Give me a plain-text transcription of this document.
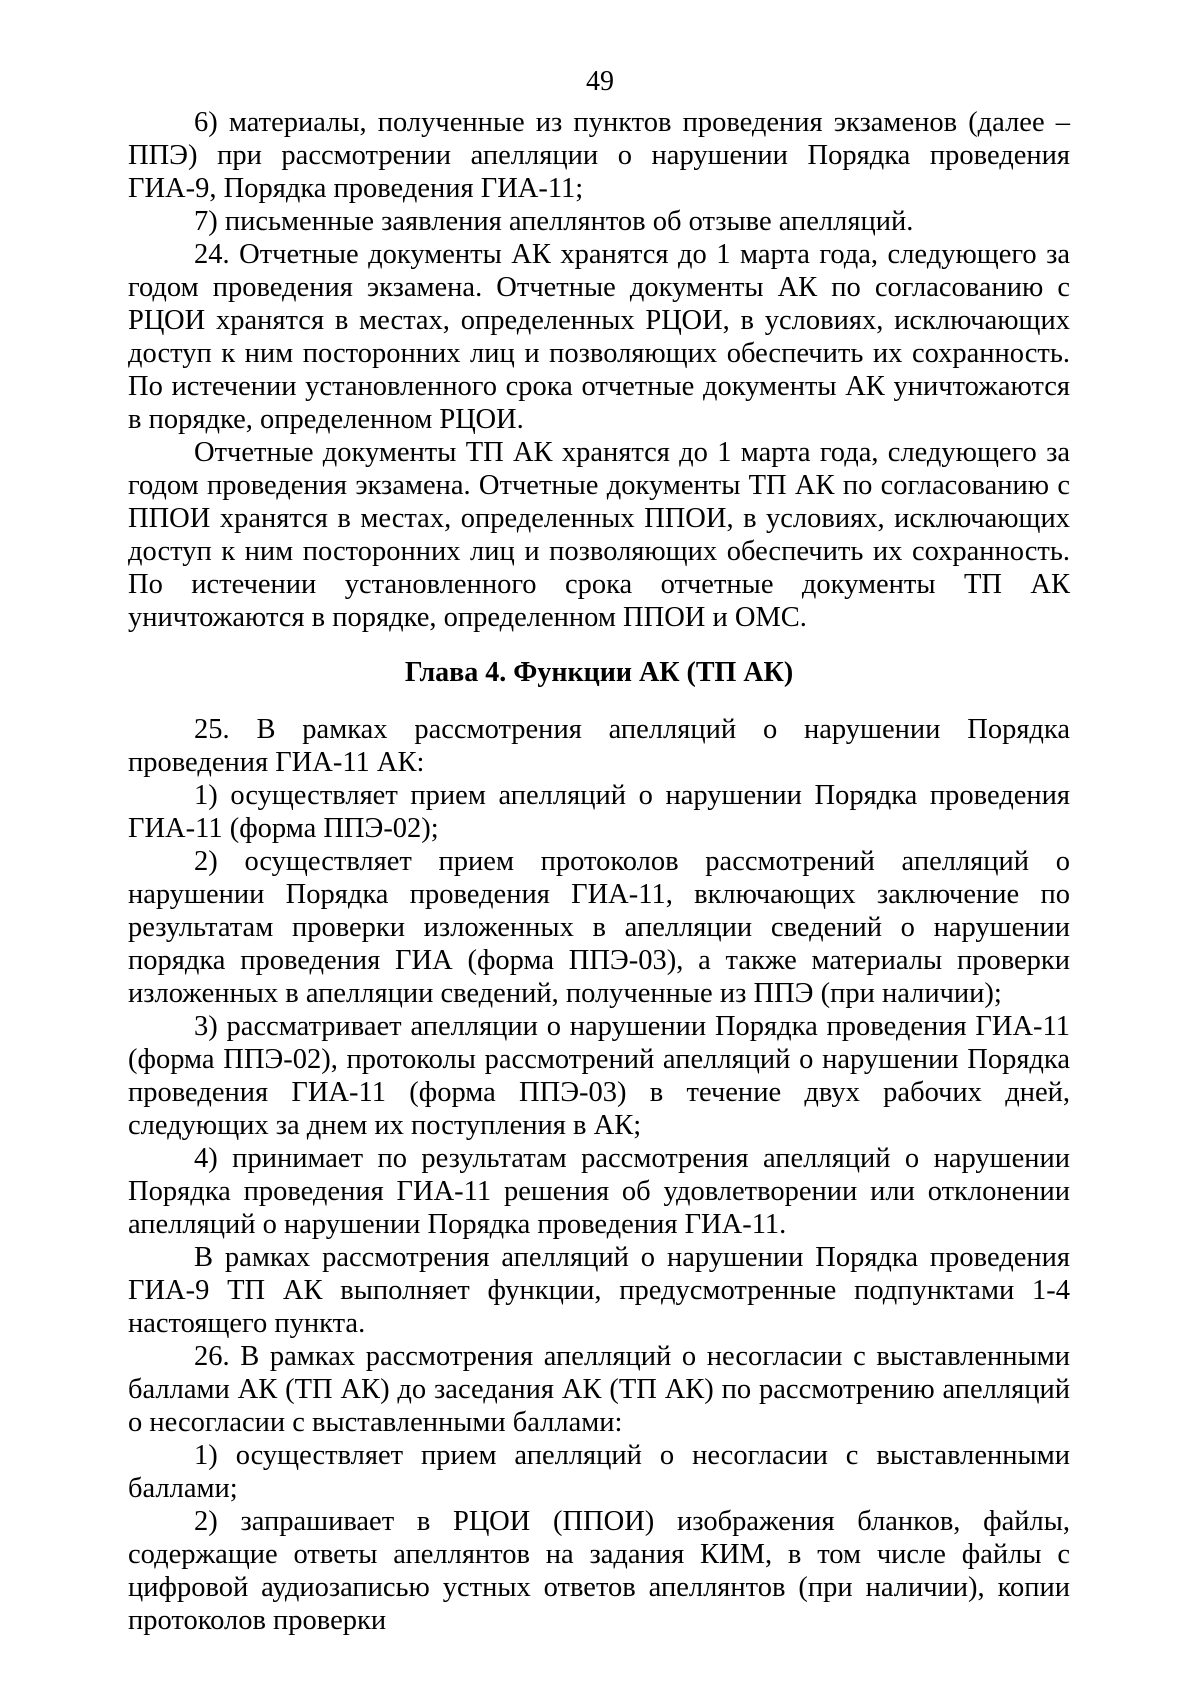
49

6) материалы, полученные из пунктов проведения экзаменов (далее – ППЭ) при рассмотрении апелляции о нарушении Порядка проведения ГИА-9, Порядка проведения ГИА-11;

7) письменные заявления апеллянтов об отзыве апелляций.

24. Отчетные документы АК хранятся до 1 марта года, следующего за годом проведения экзамена. Отчетные документы АК по согласованию с РЦОИ хранятся в местах, определенных РЦОИ, в условиях, исключающих доступ к ним посторонних лиц и позволяющих обеспечить их сохранность. По истечении установленного срока отчетные документы АК уничтожаются в порядке, определенном РЦОИ.

Отчетные документы ТП АК хранятся до 1 марта года, следующего за годом проведения экзамена. Отчетные документы ТП АК по согласованию с ППОИ хранятся в местах, определенных ППОИ, в условиях, исключающих доступ к ним посторонних лиц и позволяющих обеспечить их сохранность. По истечении установленного срока отчетные документы ТП АК уничтожаются в порядке, определенном ППОИ и ОМС.

Глава 4. Функции АК (ТП АК)

25. В рамках рассмотрения апелляций о нарушении Порядка проведения ГИА-11 АК:

1) осуществляет прием апелляций о нарушении Порядка проведения ГИА-11 (форма ППЭ-02);

2) осуществляет прием протоколов рассмотрений апелляций о нарушении Порядка проведения ГИА-11, включающих заключение по результатам проверки изложенных в апелляции сведений о нарушении порядка проведения ГИА (форма ППЭ-03), а также материалы проверки изложенных в апелляции сведений, полученные из ППЭ (при наличии);

3) рассматривает апелляции о нарушении Порядка проведения ГИА-11 (форма ППЭ-02), протоколы рассмотрений апелляций о нарушении Порядка проведения ГИА-11 (форма ППЭ-03) в течение двух рабочих дней, следующих за днем их поступления в АК;

4) принимает по результатам рассмотрения апелляций о нарушении Порядка проведения ГИА-11 решения об удовлетворении или отклонении апелляций о нарушении Порядка проведения ГИА-11.

В рамках рассмотрения апелляций о нарушении Порядка проведения ГИА-9 ТП АК выполняет функции, предусмотренные подпунктами 1-4 настоящего пункта.

26. В рамках рассмотрения апелляций о несогласии с выставленными баллами АК (ТП АК) до заседания АК (ТП АК) по рассмотрению апелляций о несогласии с выставленными баллами:

1) осуществляет прием апелляций о несогласии с выставленными баллами;

2) запрашивает в РЦОИ (ППОИ) изображения бланков, файлы, содержащие ответы апеллянтов на задания КИМ, в том числе файлы с цифровой аудиозаписью устных ответов апеллянтов (при наличии), копии протоколов проверки
